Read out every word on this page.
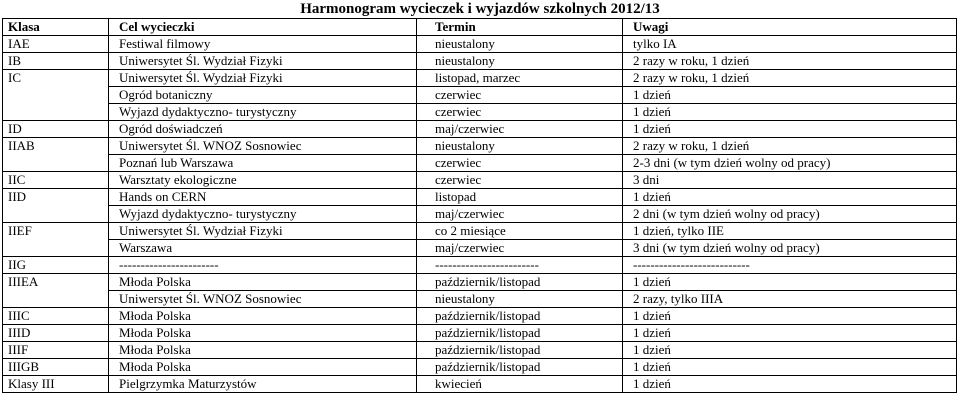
Harmonogram wycieczek i wyjazdów szkolnych 2012/13
Klasa	Cel wycieczki	Termin	Uwagi
IAE	Festiwal filmowy	nieustalony	tylko IA
IB	Uniwersytet Śl. Wydział Fizyki	nieustalony	2 razy w roku, 1 dzień
IC	Uniwersytet Śl. Wydział Fizyki	listopad, marzec	2 razy w roku, 1 dzień
	Ogród botaniczny	czerwiec	1 dzień
	Wyjazd dydaktyczno- turystyczny	czerwiec	1 dzień
ID	Ogród doświadczeń	maj/czerwiec	1 dzień
IIAB	Uniwersytet Śl. WNOZ Sosnowiec	nieustalony	2 razy w roku, 1 dzień
	Poznań lub Warszawa	czerwiec	2-3 dni (w tym dzień wolny od pracy)
IIC	Warsztaty ekologiczne	czerwiec	3 dni
IID	Hands on CERN	listopad	1 dzień
	Wyjazd dydaktyczno- turystyczny	maj/czerwiec	2 dni (w tym dzień wolny od pracy)
IIEF	Uniwersytet Śl. Wydział Fizyki	co 2 miesiące	1 dzień, tylko IIE
	Warszawa	maj/czerwiec	3 dni (w tym dzień wolny od pracy)
IIG	-----------------------	------------------------	---------------------------
IIIEA	Młoda Polska	październik/listopad	1 dzień
	Uniwersytet Śl. WNOZ Sosnowiec	nieustalony	2 razy, tylko IIIA
IIIC	Młoda Polska	październik/listopad	1 dzień
IIID	Młoda Polska	październik/listopad	1 dzień
IIIF	Młoda Polska	październik/listopad	1 dzień
IIIGB	Młoda Polska	październik/listopad	1 dzień
Klasy III	Pielgrzymka Maturzystów	kwiecień	1 dzień
